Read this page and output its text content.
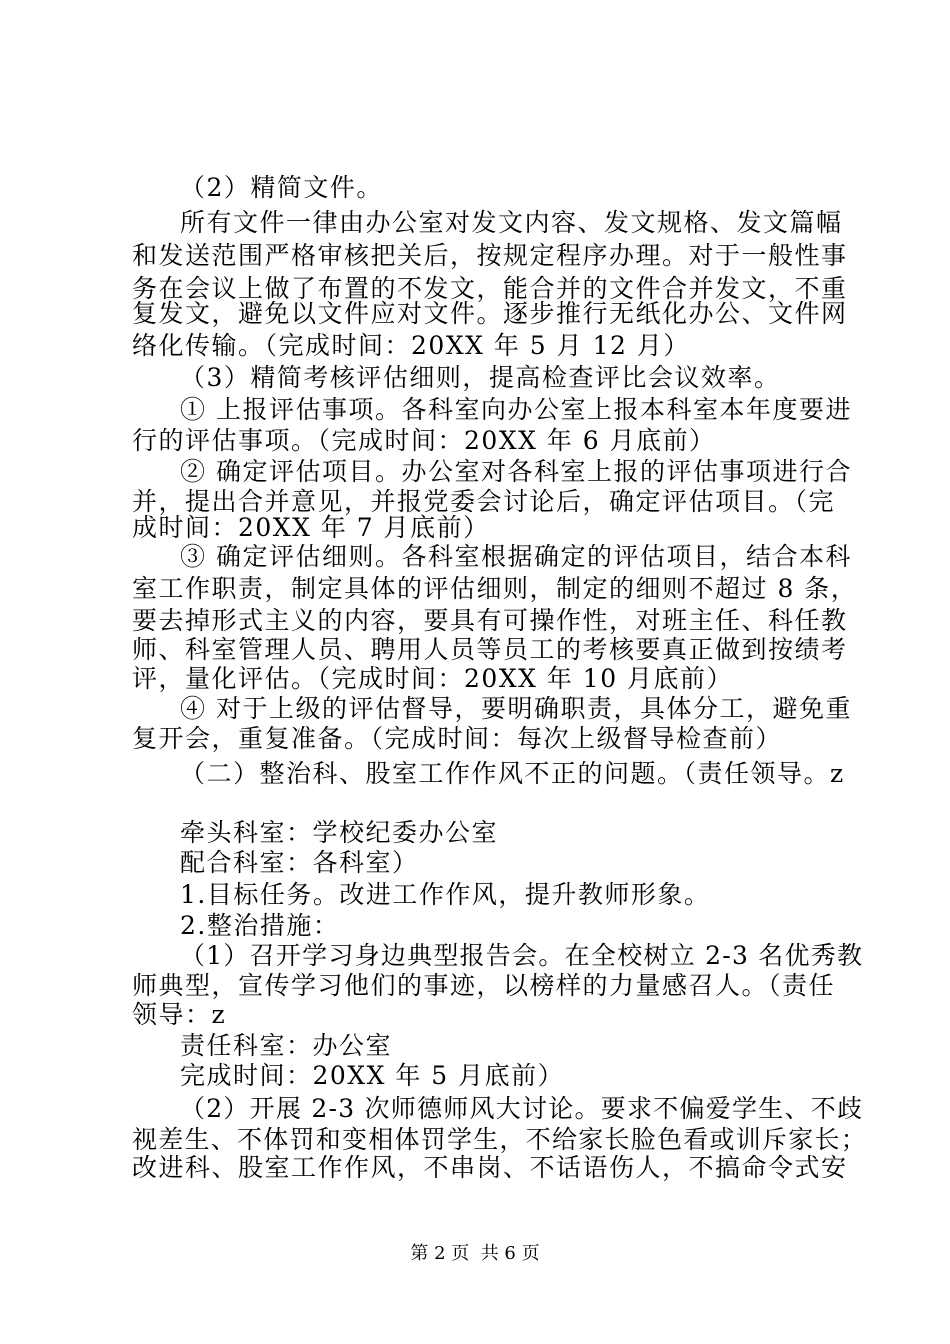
（2）精简文件。
所有文件一律由办公室对发文内容、发文规格、发文篇幅
和发送范围严格审核把关后，按规定程序办理。对于一般性事
务在会议上做了布置的不发文，能合并的文件合并发文，不重
复发文，避免以文件应对文件。逐步推行无纸化办公、文件网
络化传输。（完成时间：20XX 年 5 月 12 月）
（3）精简考核评估细则，提高检查评比会议效率。
① 上报评估事项。各科室向办公室上报本科室本年度要进
行的评估事项。（完成时间：20XX 年 6 月底前）
② 确定评估项目。办公室对各科室上报的评估事项进行合
并，提出合并意见，并报党委会讨论后，确定评估项目。（完
成时间：20XX 年 7 月底前）
③ 确定评估细则。各科室根据确定的评估项目，结合本科
室工作职责，制定具体的评估细则，制定的细则不超过 8 条，
要去掉形式主义的内容，要具有可操作性，对班主任、科任教
师、科室管理人员、聘用人员等员工的考核要真正做到按绩考
评，量化评估。（完成时间：20XX 年 10 月底前）
④ 对于上级的评估督导，要明确职责，具体分工，避免重
复开会，重复准备。（完成时间：每次上级督导检查前）
（二）整治科、股室工作作风不正的问题。（责任领导。z
牵头科室：学校纪委办公室
配合科室：各科室）
1.目标任务。改进工作作风，提升教师形象。
2.整治措施：
（1）召开学习身边典型报告会。在全校树立 2-3 名优秀教
师典型，宣传学习他们的事迹，以榜样的力量感召人。（责任
领导：z
责任科室：办公室
完成时间：20XX 年 5 月底前）
（2）开展 2-3 次师德师风大讨论。要求不偏爱学生、不歧
视差生、不体罚和变相体罚学生，不给家长脸色看或训斥家长；
改进科、股室工作作风，不串岗、不话语伤人，不搞命令式安
第 2 页  共 6 页
